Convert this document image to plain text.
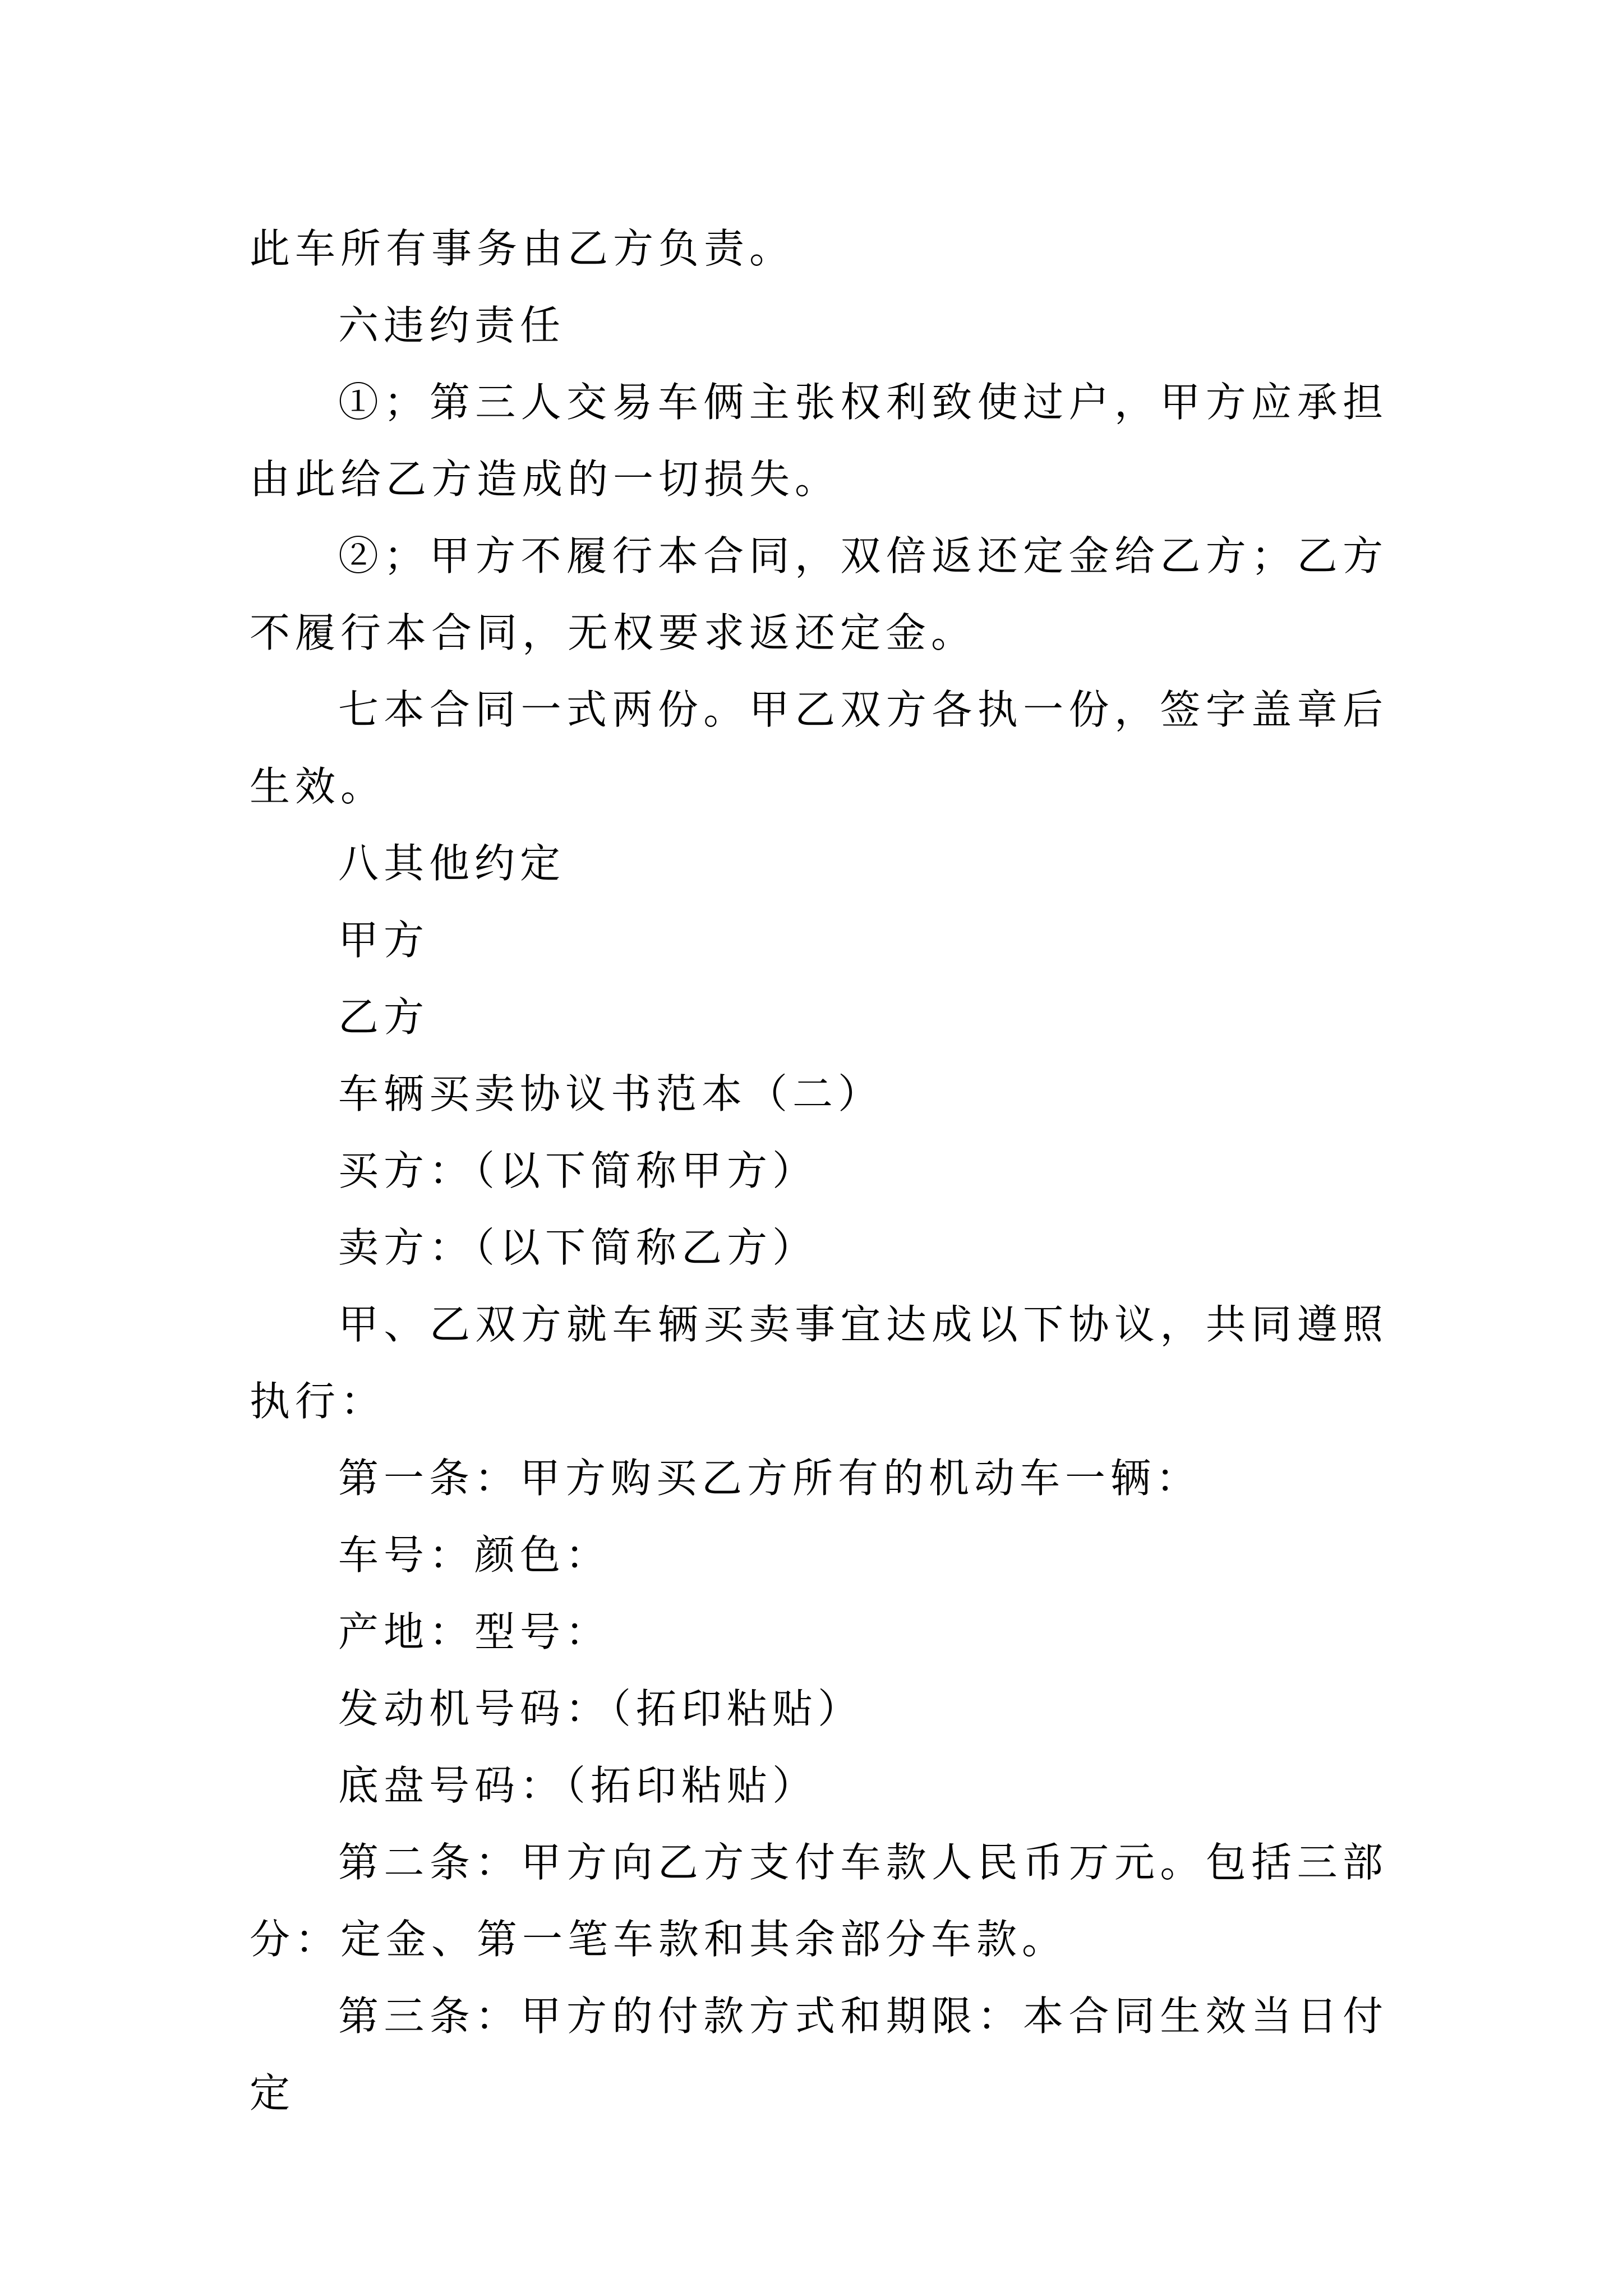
此车所有事务由乙方负责。

六违约责任

①；第三人交易车俩主张权利致使过户，甲方应承担由此给乙方造成的一切损失。

②；甲方不履行本合同，双倍返还定金给乙方；乙方不履行本合同，无权要求返还定金。

七本合同一式两份。甲乙双方各执一份，签字盖章后生效。

八其他约定

甲方

乙方

车辆买卖协议书范本（二）

买方：（以下简称甲方）

卖方：（以下简称乙方）

甲、乙双方就车辆买卖事宜达成以下协议，共同遵照执行：

第一条：甲方购买乙方所有的机动车一辆：

车号：颜色：

产地：型号：

发动机号码：（拓印粘贴）

底盘号码：（拓印粘贴）

第二条：甲方向乙方支付车款人民币万元。包括三部分：定金、第一笔车款和其余部分车款。

第三条：甲方的付款方式和期限：本合同生效当日付定
